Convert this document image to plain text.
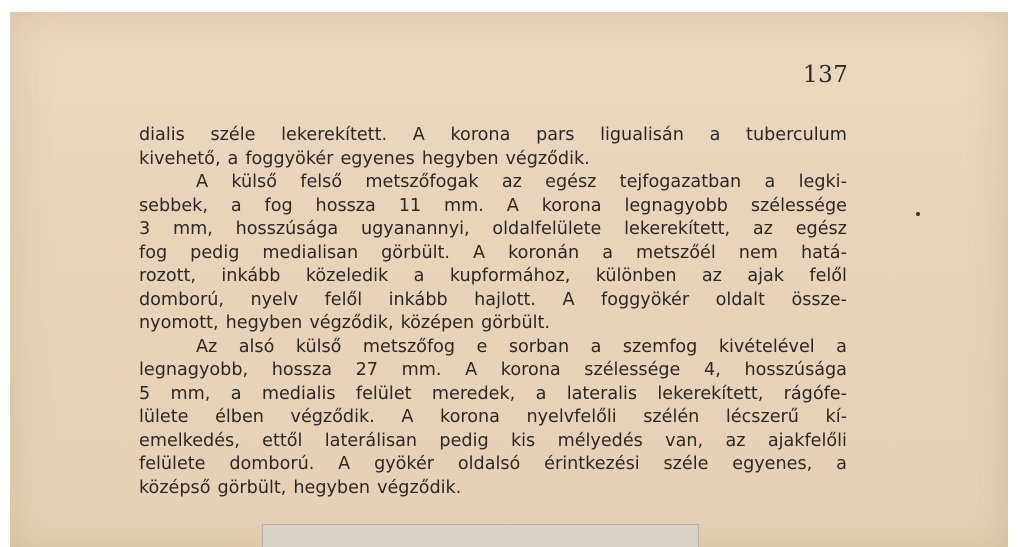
137
dialis széle lekerekített. A korona pars ligualisán a tuberculum
kivehető, a foggyökér egyenes hegyben végződik.
A külső felső metszőfogak az egész tejfogazatban a legki-
sebbek, a fog hossza 11 mm. A korona legnagyobb szélessége
3 mm, hosszúsága ugyanannyi, oldalfelülete lekerekített, az egész
fog pedig medialisan görbült. A koronán a metszőél nem hatá-
rozott, inkább közeledik a kupformához, különben az ajak felől
domború, nyelv felől inkább hajlott. A foggyökér oldalt össze-
nyomott, hegyben végződik, középen görbült.
Az alsó külső metszőfog e sorban a szemfog kivételével a
legnagyobb, hossza 27 mm. A korona szélessége 4, hosszúsága
5 mm, a medialis felület meredek, a lateralis lekerekített, rágófe-
lülete élben végződik. A korona nyelvfelőli szélén lécszerű kí-
emelkedés, ettől laterálisan pedig kis mélyedés van, az ajakfelőli
felülete domború. A gyökér oldalsó érintkezési széle egyenes, a
középső görbült, hegyben végződik.
